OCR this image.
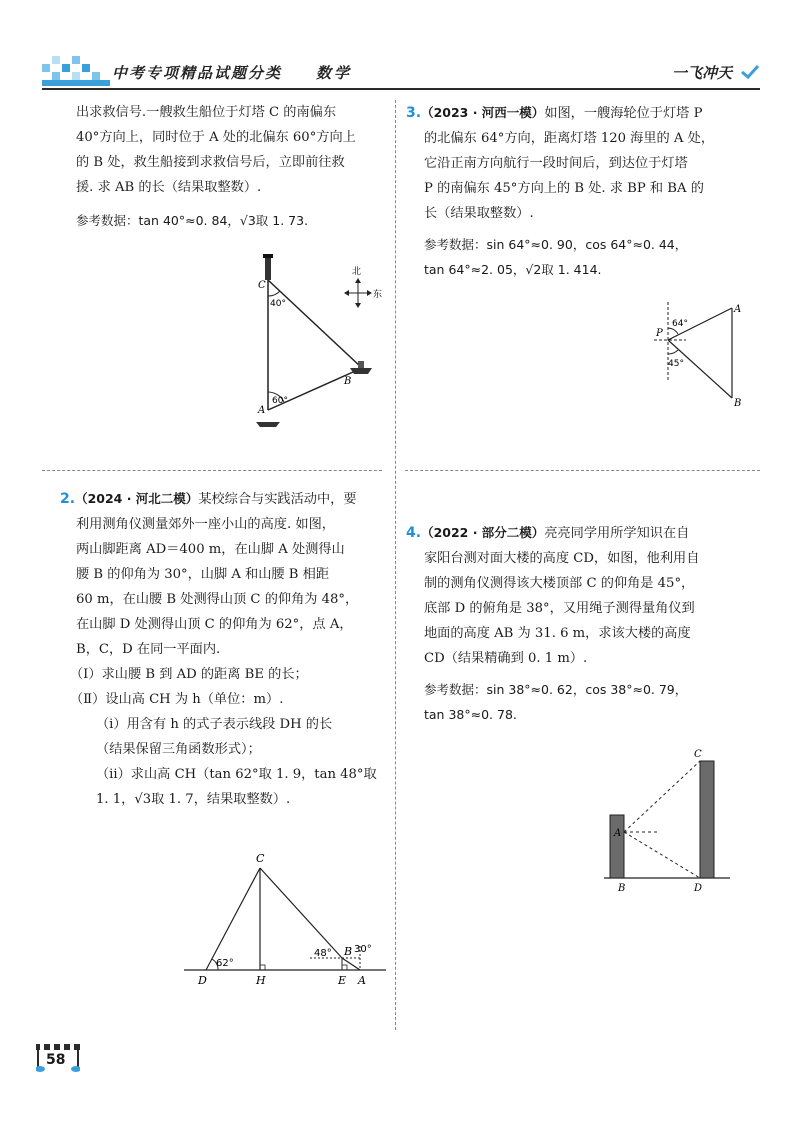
中考专项精品试题分类 数学	一飞冲天

出求救信号.一艘救生船位于灯塔 C 的南偏东

40°方向上，同时位于 A 处的北偏东 60°方向上

的 B 处，救生船接到求救信号后，立即前往救

援. 求 AB 的长（结果取整数）.

参考数据：tan 40°≈0. 84，√3取 1. 73.

C
40°
A
60°
B
北
东

2.（2024 · 河北二模）某校综合与实践活动中，要

利用测角仪测量郊外一座小山的高度. 如图，

两山脚距离 AD＝400 m，在山脚 A 处测得山

腰 B 的仰角为 30°，山脚 A 和山腰 B 相距

60 m，在山腰 B 处测得山顶 C 的仰角为 48°，

在山脚 D 处测得山顶 C 的仰角为 62°，点 A，

B，C，D 在同一平面内.

（Ⅰ）求山腰 B 到 AD 的距离 BE 的长；

（Ⅱ）设山高 CH 为 h（单位：m）.

（ⅰ）用含有 h 的式子表示线段 DH 的长

（结果保留三角函数形式）；

（ⅱ）求山高 CH（tan 62°取 1. 9，tan 48°取

1. 1，√3取 1. 7，结果取整数）.

C
D	H	E A
B
62°
48° 30°

3.（2023 · 河西一模）如图，一艘海轮位于灯塔 P

的北偏东 64°方向，距离灯塔 120 海里的 A 处，

它沿正南方向航行一段时间后，到达位于灯塔

P 的南偏东 45°方向上的 B 处. 求 BP 和 BA 的

长（结果取整数）.

参考数据：sin 64°≈0. 90，cos 64°≈0. 44，

tan 64°≈2. 05，√2取 1. 414.

P
A
B
64°
45°

4.（2022 · 部分二模）亮亮同学用所学知识在自

家阳台测对面大楼的高度 CD，如图，他利用自

制的测角仪测得该大楼顶部 C 的仰角是 45°，

底部 D 的俯角是 38°，又用绳子测得量角仪到

地面的高度 AB 为 31. 6 m，求该大楼的高度

CD（结果精确到 0. 1 m）.

参考数据：sin 38°≈0. 62，cos 38°≈0. 79，

tan 38°≈0. 78.

A
B
C
D
58
